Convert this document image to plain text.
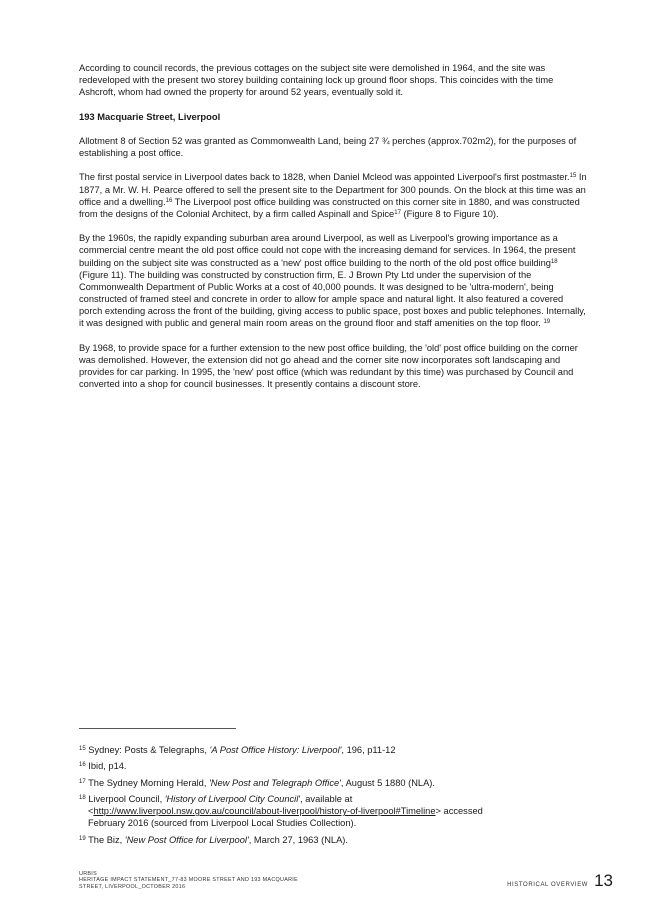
According to council records, the previous cottages on the subject site were demolished in 1964, and the site was redeveloped with the present two storey building containing lock up ground floor shops. This coincides with the time Ashcroft, whom had owned the property for around 52 years, eventually sold it.

193 Macquarie Street, Liverpool

Allotment 8 of Section 52 was granted as Commonwealth Land, being 27 ¾ perches (approx.702m2), for the purposes of establishing a post office.

The first postal service in Liverpool dates back to 1828, when Daniel Mcleod was appointed Liverpool's first postmaster.$^{15}$ In 1877, a Mr. W. H. Pearce offered to sell the present site to the Department for 300 pounds. On the block at this time was an office and a dwelling.$^{16}$ The Liverpool post office building was constructed on this corner site in 1880, and was constructed from the designs of the Colonial Architect, by a firm called Aspinall and Spice$^{17}$ (Figure 8 to Figure 10).

By the 1960s, the rapidly expanding suburban area around Liverpool, as well as Liverpool's growing importance as a commercial centre meant the old post office could not cope with the increasing demand for services. In 1964, the present building on the subject site was constructed as a 'new' post office building to the north of the old post office building$^{18}$ (Figure 11). The building was constructed by construction firm, E. J Brown Pty Ltd under the supervision of the Commonwealth Department of Public Works at a cost of 40,000 pounds. It was designed to be 'ultra-modern', being constructed of framed steel and concrete in order to allow for ample space and natural light. It also featured a covered porch extending across the front of the building, giving access to public space, post boxes and public telephones. Internally, it was designed with public and general main room areas on the ground floor and staff amenities on the top floor. $^{19}$

By 1968, to provide space for a further extension to the new post office building, the 'old' post office building on the corner was demolished. However, the extension did not go ahead and the corner site now incorporates soft landscaping and provides for car parking. In 1995, the 'new' post office (which was redundant by this time) was purchased by Council and converted into a shop for council businesses. It presently contains a discount store.

$^{15}$ Sydney: Posts & Telegraphs, 'A Post Office History: Liverpool', 196, p11-12
$^{16}$ Ibid, p14.
$^{17}$ The Sydney Morning Herald, 'New Post and Telegraph Office', August 5 1880 (NLA).
$^{18}$ Liverpool Council, 'History of Liverpool City Council', available at
<http://www.liverpool.nsw.gov.au/council/about-liverpool/history-of-liverpool#Timeline> accessed
February 2016 (sourced from Liverpool Local Studies Collection).
$^{19}$ The Biz, 'New Post Office for Liverpool', March 27, 1963 (NLA).
URBIS
HERITAGE IMPACT STATEMENT_77-83 MOORE STREET AND 193 MACQUARIE
STREET, LIVERPOOL_OCTOBER 2016	HISTORICAL OVERVIEW 13
